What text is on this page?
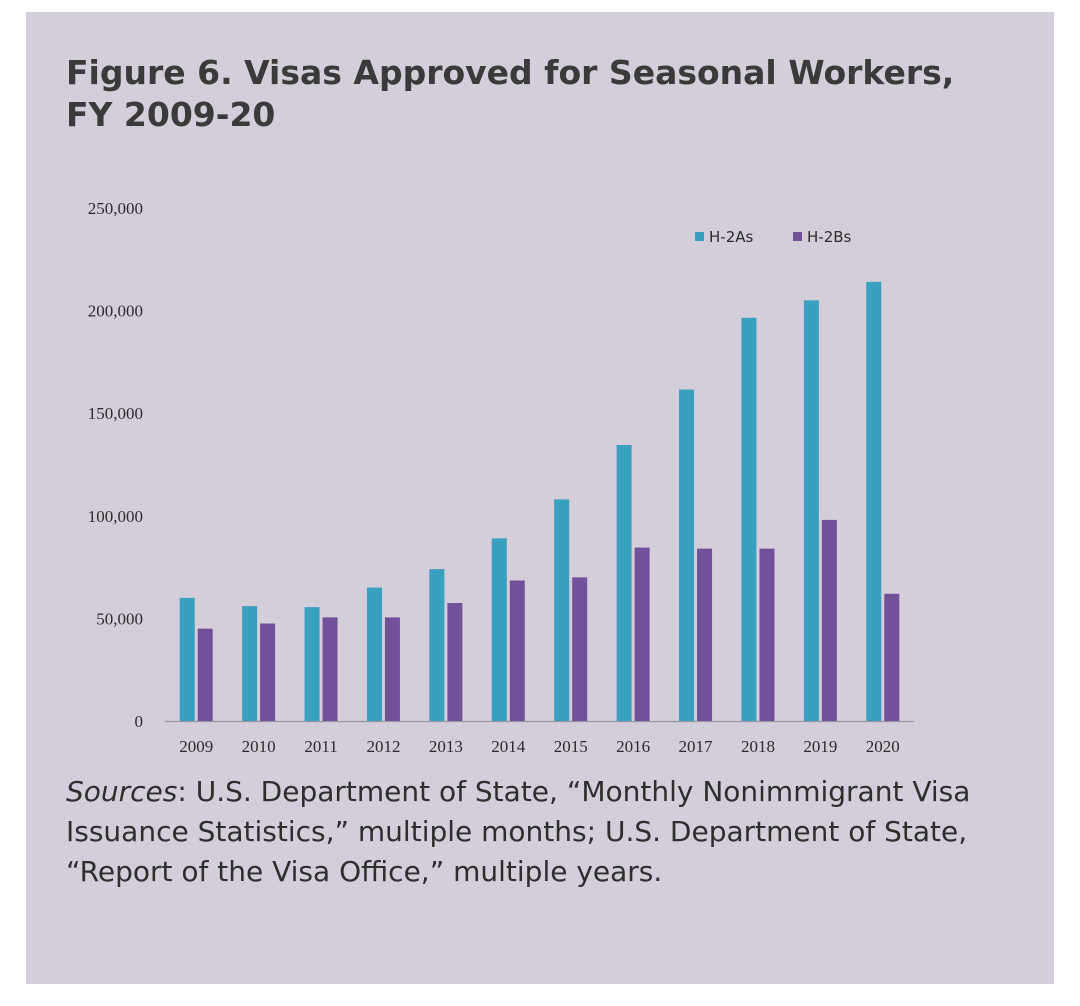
Figure 6. Visas Approved for Seasonal Workers, FY 2009-20
0
50,000
100,000
150,000
200,000
250,000
2009 2010 2011 2012 2013 2014 2015 2016 2017 2018 2019 2020
H-2As	H-2Bs

Sources: U.S. Department of State, “Monthly Nonimmigrant Visa Issuance Statistics,” multiple months; U.S. Department of State, “Report of the Visa Office,” multiple years.
